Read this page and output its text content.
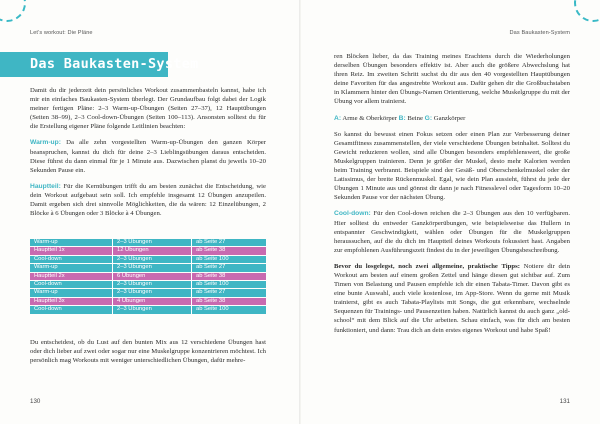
Let’s workout: Die Pläne
Das Baukasten-System

Damit du dir jederzeit dein persönliches Workout zusammenbasteln kannst, habe ich mir ein einfaches Baukasten-System überlegt. Der Grundaufbau folgt dabei der Logik meiner fertigen Pläne: 2–3 Warm-up-Übungen (Seiten 27–37), 12 Hauptübungen (Seiten 38–99), 2–3 Cool-down-Übungen (Seiten 100–113). Ansonsten solltest du für die Erstellung eigener Pläne folgende Leitlinien beachten:

Warm-up: Da alle zehn vorgestellten Warm-up-Übungen den ganzen Körper beanspruchen, kannst du dich für deine 2–3 Lieblingsübungen daraus entscheiden. Diese führst du dann einmal für je 1 Minute aus. Dazwischen planst du jeweils 10–20 Sekunden Pause ein.

Hauptteil: Für die Kernübungen trifft du am besten zunächst die Entscheidung, wie dein Workout aufgebaut sein soll. Ich empfehle insgesamt 12 Übungen anzupeilen. Damit ergeben sich drei sinnvolle Möglichkeiten, die da wären: 12 Einzelübungen, 2 Blöcke à 6 Übungen oder 3 Blöcke à 4 Übungen.

Warm-up	2–3 Übungen	ab Seite 27
Hauptteil 1x	12 Übungen	ab Seite 38
Cool-down	2–3 Übungen	ab Seite 100
Warm-up	2–3 Übungen	ab Seite 27
Hauptteil 2x	6 Übungen	ab Seite 38
Cool-down	2–3 Übungen	ab Seite 100
Warm-up	2–3 Übungen	ab Seite 27
Hauptteil 3x	4 Übungen	ab Seite 38
Cool-down	2–3 Übungen	ab Seite 100

Du entscheidest, ob du Lust auf den bunten Mix aus 12 verschiedene Übungen hast oder dich lieber auf zwei oder sogar nur eine Muskelgruppe konzentrieren möchtest. Ich persönlich mag Workouts mit weniger unterschiedlichen Übungen, dafür mehre-

130
Das Baukasten-System

ren Blöcken lieber, da das Training meines Erachtens durch die Wiederholungen derselben Übungen besonders effektiv ist. Aber auch die größere Abwechslung hat ihren Reiz. Im zweiten Schritt suchst du dir aus den 40 vorgestellten Hauptübungen deine Favoriten für das angestrebte Workout aus. Dafür gehen dir die Großbuchstaben in Klammern hinter den Übungs-Namen Orientierung, welche Muskelgruppe du mit der Übung vor allem trainierst.

A: Arme & Oberkörper B: Beine G: Ganzkörper

So kannst du bewusst einen Fokus setzen oder einen Plan zur Verbesserung deiner Gesamtfitness zusammenstellen, der viele verschiedene Übungen beinhaltet. Solltest du Gewicht reduzieren wollen, sind alle Übungen besonders empfehlenswert, die große Muskelgruppen trainieren. Denn je größer der Muskel, desto mehr Kalorien werden beim Training verbrannt. Beispiele sind der Gesäß- und Oberschenkelmuskel oder der Latissimus, der breite Rückenmuskel. Egal, wie dein Plan aussieht, führst du jede der Übungen 1 Minute aus und gönnst dir dann je nach Fitnesslevel oder Tagesform 10–20 Sekunden Pause vor der nächsten Übung.

Cool-down: Für den Cool-down reichen die 2–3 Übungen aus den 10 verfügbaren. Hier solltest du entweder Ganzkörperübungen, wie beispielsweise das Hullern in entspannter Geschwindigkeit, wählen oder Übungen für die Muskelgruppen heraussuchen, auf die du dich im Hauptteil deines Workouts fokussiert hast. Angaben zur empfohlenen Ausführungszeit findest du in der jeweiligen Übungsbeschreibung.

Bevor du losgelegst, noch zwei allgemeine, praktische Tipps: Notiere dir dein Workout am besten auf einem großen Zettel und hänge diesen gut sichtbar auf. Zum Timen von Belastung und Pausen empfehle ich dir einen Tabata-Timer. Davon gibt es eine bunte Auswahl, auch viele kostenlose, im App-Store. Wenn du gerne mit Musik trainierst, gibt es auch Tabata-Playlists mit Songs, die gut erkennbare, wechselnde Sequenzen für Trainings- und Pausenzeiten haben. Natürlich kannst du auch ganz „old-school“ mit dem Blick auf die Uhr arbeiten. Schau einfach, was für dich am besten funktioniert, und dann: Trau dich an dein erstes eigenes Workout und habe Spaß!

131
